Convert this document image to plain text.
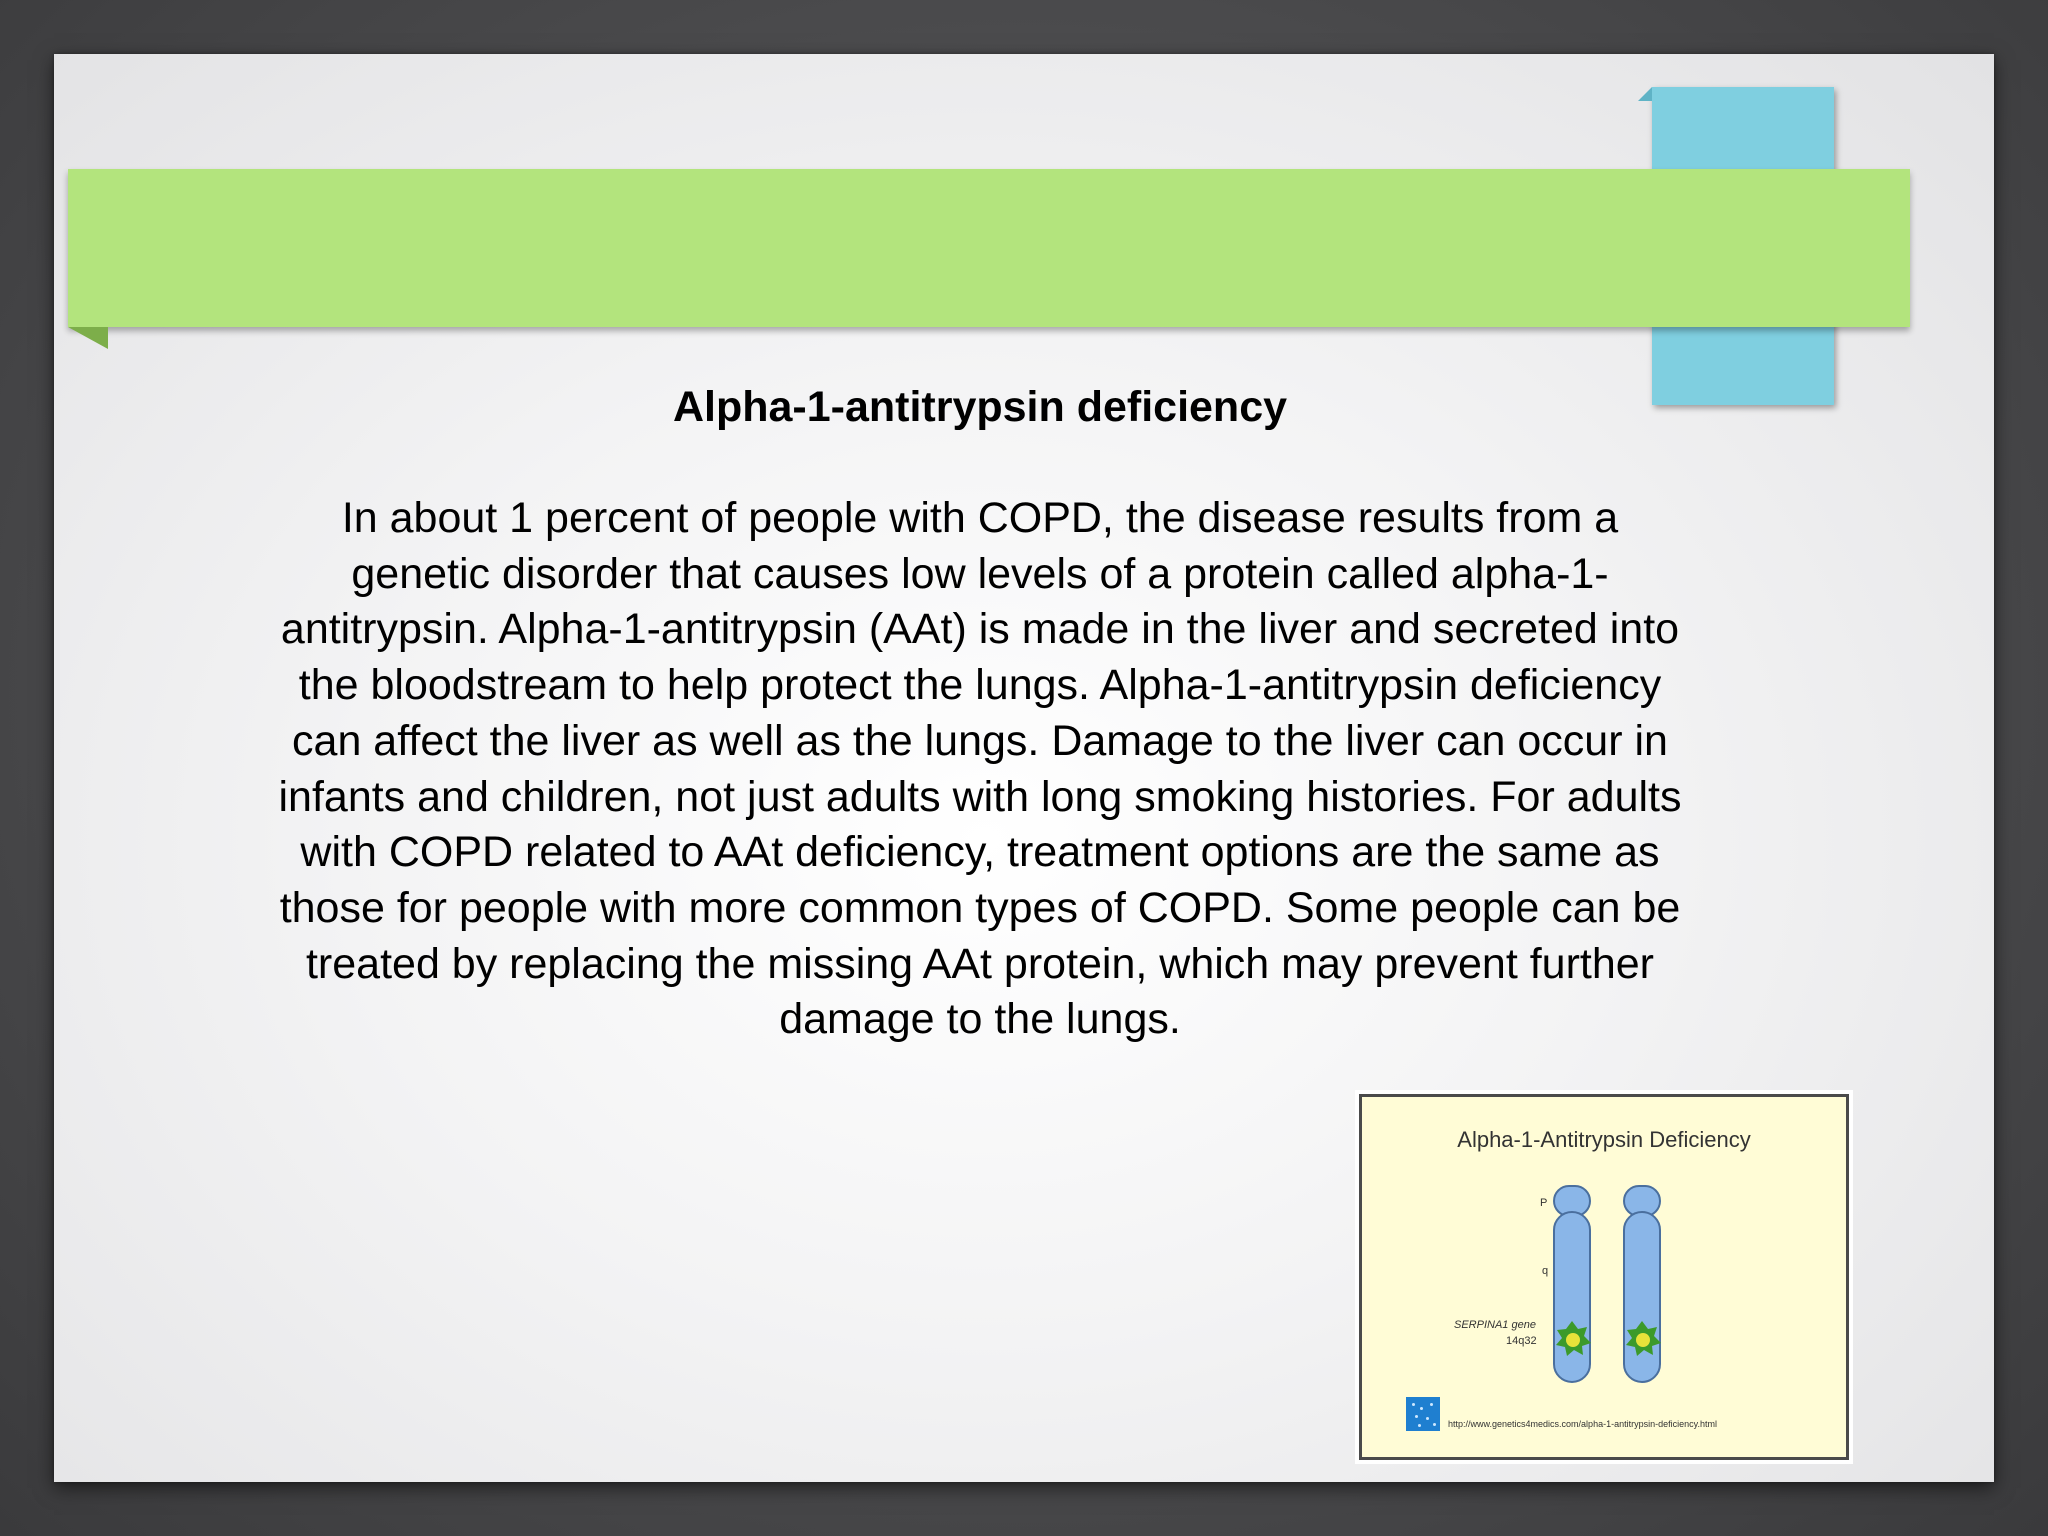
Alpha-1-antitrypsin deficiency

In about 1 percent of people with COPD, the disease results from a genetic disorder that causes low levels of a protein called alpha-1-antitrypsin. Alpha-1-antitrypsin (AAt) is made in the liver and secreted into the bloodstream to help protect the lungs. Alpha-1-antitrypsin deficiency can affect the liver as well as the lungs. Damage to the liver can occur in infants and children, not just adults with long smoking histories. For adults with COPD related to AAt deficiency, treatment options are the same as those for people with more common types of COPD. Some people can be treated by replacing the missing AAt protein, which may prevent further damage to the lungs.

Alpha-1-Antitrypsin Deficiency
P
q
SERPINA1 gene
14q32
http://www.genetics4medics.com/alpha-1-antitrypsin-deficiency.html
